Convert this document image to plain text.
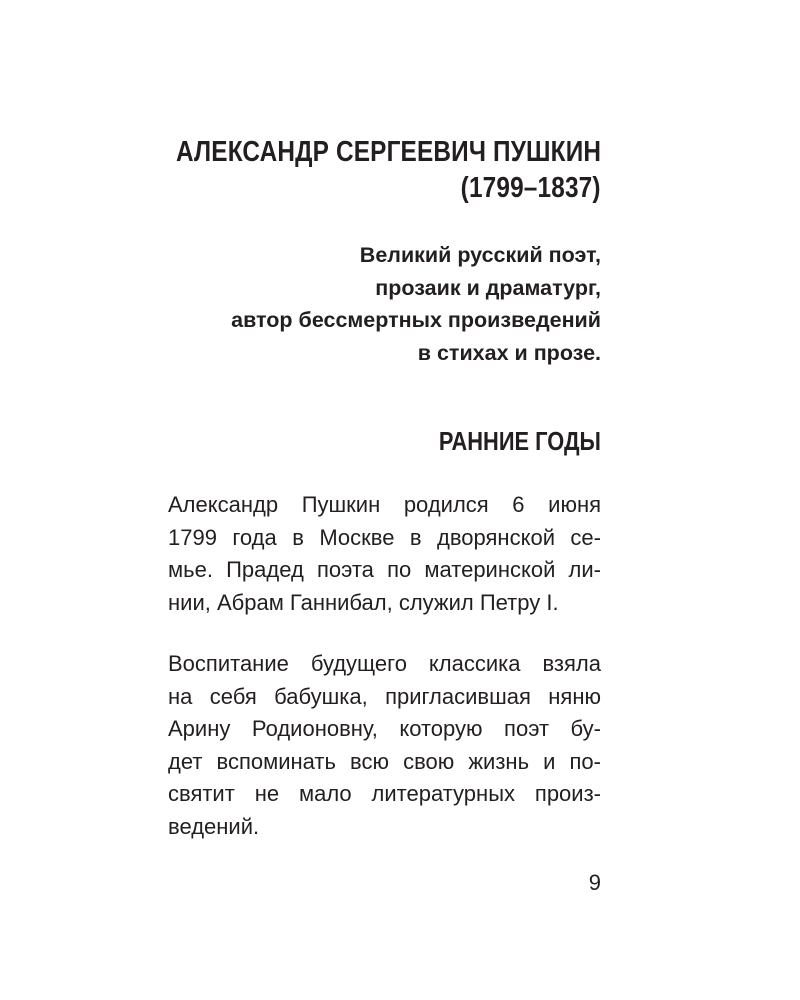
АЛЕКСАНДР СЕРГЕЕВИЧ ПУШКИН
(1799–1837)

Великий русский поэт,
прозаик и драматург,
автор бессмертных произведений
в стихах и прозе.

РАННИЕ ГОДЫ

Александр Пушкин родился 6 июня
1799 года в Москве в дворянской се-
мье. Прадед поэта по материнской ли-
нии, Абрам Ганнибал, служил Петру I.

Воспитание будущего классика взяла
на себя бабушка, пригласившая няню
Арину Родионовну, которую поэт бу-
дет вспоминать всю свою жизнь и по-
святит не мало литературных произ-
ведений.

9
